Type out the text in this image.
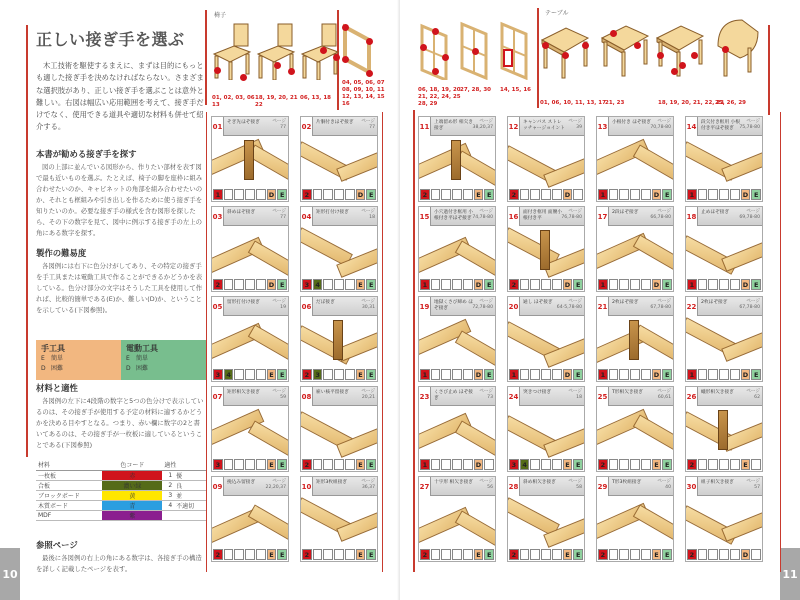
正しい接ぎ手を選ぶ

木工技術を駆使するまえに、まずは目的にもっとも適した接ぎ手を決めなければならない。さまざまな選択肢があり、正しい接ぎ手を選ぶことは意外と難しい。右図は幅広い応用範囲を考えて、接ぎ手だけでなく、使用できる道具や適切な材料も併せて紹介する。

本書が勧める接ぎ手を探す

図の上部に並んでいる図形から、作りたい部材を表す図で最も近いものを選ぶ。たとえば、椅子の脚を座枠に組み合わせたいのか、キャビネットの角部を組み合わせたいのか、それとも框組みや引き出しを作るために使う接ぎ手を知りたいのか。必要な接ぎ手の様式を含む図形を探したら、その下の数字を見て、図中に例示する接ぎ手の左上の角にある数字を探す。

製作の難易度

各図例には右下に色分けがしてあり、その特定の接ぎ手を手工具または電動工具で作ることができるかどうかを表している。色分け部分の文字はそうした工具を使用して作れば、比較的簡単である(E)か、難しい(D)か、ということを示している(下図参照)。

手工具
E 簡単
D 困難
電動工具
E 簡単
D 困難
材料と適性

各図例の左下に4段階の数字と5つの色分けで表示しているのは、その接ぎ手が使用する予定の材料に適するかどうかを決める目やすとなる。つまり、赤い欄に数字の2と書いてあるのは、その接ぎ手が一枚板に適しているということである(下図参照)

材料	色コード	適性	
一枚板	赤	1	優
合板	濃い緑	2	良
ブロックボード	黄	3	並
木質ボード	青	4	不適切
MDF	紫		
参照ページ

最後に各図例の右上の角にある数字は、各接ぎ手の構造を詳しく記載したページを表す。

10	11
椅子	テーブル
01, 02, 03, 06 13
18, 19, 20, 21 22
06, 13, 18
04, 05, 06, 07 08, 09, 10, 11 12, 13, 14, 15 16
06, 18, 19, 20 21, 22, 24, 25 28, 29
27, 28, 30	14, 15, 16
01, 06, 10, 11, 13, 17 21, 23	18, 19, 20, 21, 22, 23
25, 26, 29
01 そぎ先ほぞ接ぎ	ページ
77
1	D E
02 片胴付きほぞ接ぎ	ページ
77
2	D E
03 斜めほぞ接ぎ	ページ
77
2	D E
04 矩形打付け接ぎ	ページ
18
3 4	E E
05 留形打付け接ぎ	ページ
19
3 4	E E
06 だぼ接ぎ	ページ
30,31
2 3	E E
07 矩形相欠き接ぎ	ページ
59
3	E E
08 雇い核平留接ぎ	ページ
20,21
2	E E
09 挽込み留接ぎ	ページ
22,20,37
2	E E
10 矩形3枚組接ぎ	ページ
36,37
2	E E
11 上端留め形 相欠き接ぎ
ページ
38,20,37
2	E E
12 キャンバス ストレッチャージョイント
ページ
39
2	D
13 小根付き ほぞ接ぎ	ページ
70,78-80
1	D E
14 段欠付き框用 小根付き平ほぞ接ぎ
ページ
75,78-80
1	D E
15 小穴過付き框用 小根付き平ほぞ接ぎ
ページ
74,78-80
1	D E
16 面付き框用 面腰小根付き平
ページ
76,78-80
2	D E
17 2段ほぞ接ぎ	ページ
66,78-80
1	D E
18 止めほぞ接ぎ	ページ
69,78-80
1	D E
19 地獄くさび締め ほぞ接ぎ
ページ
72,78-80
1	D E
20 通し ほぞ接ぎ	ページ
64-5,78-80
1	D E
21 2枚ほぞ接ぎ	ページ
67,78-80
1	D E
22 2枚ほぞ接ぎ	ページ
67,78-80
1	D E
23 くさび止め ほぞ接ぎ
ページ
73
1	D
24 突きつけ接ぎ	ページ
18
3 4	E E
25 T形相欠き接ぎ	ページ
60,61
2	E E
26 蟻形相欠き接ぎ	ページ
62
2	E
27 十字形 相欠き接ぎ	ページ
56
2	E E
28 斜め相欠き接ぎ	ページ
58
2	E E
29 T形3枚組接ぎ	ページ
40
2	E E
30 組子相欠き接ぎ	ページ
57
2	D
